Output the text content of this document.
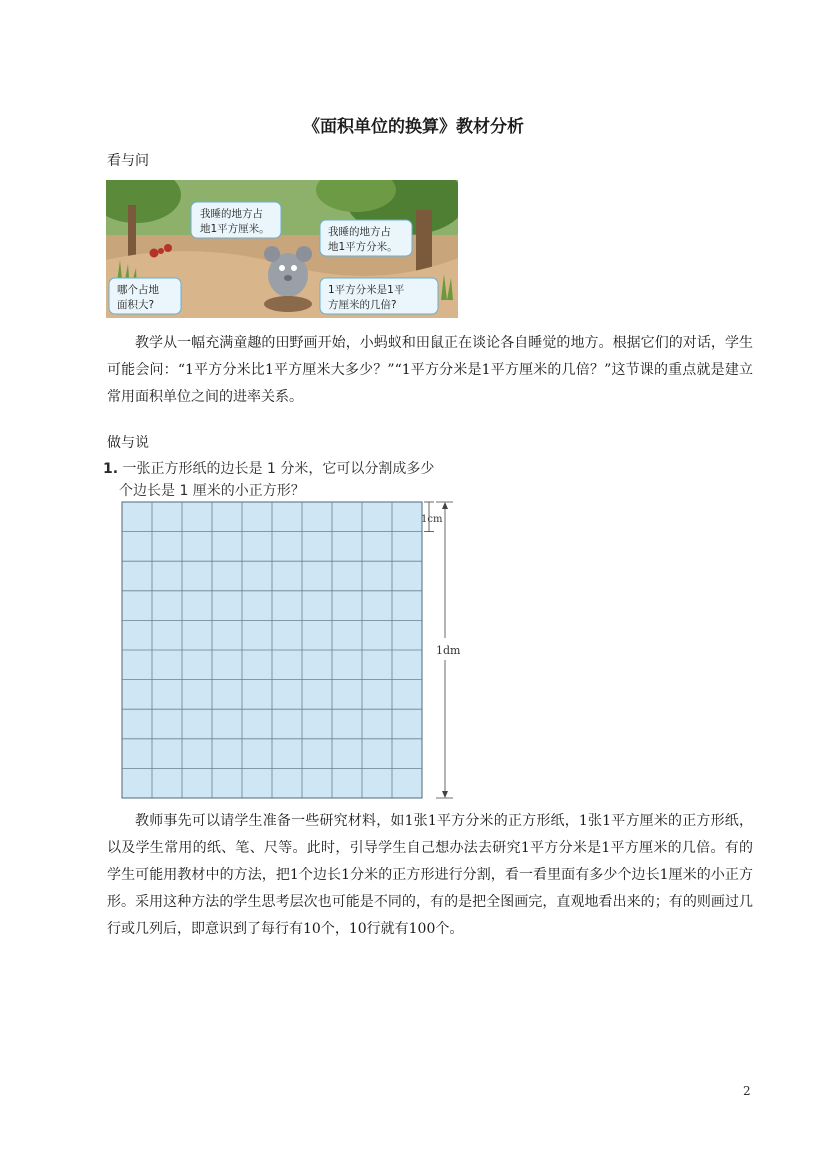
《面积单位的换算》教材分析
看与问
我睡的地方占
地1平方厘米。	我睡的地方占
地1平方分米。
哪个占地
面积大?
1平方分米是1平
方厘米的几倍?
教学从一幅充满童趣的田野画开始，小蚂蚁和田鼠正在谈论各自睡觉的地方。根据它们的对话，学生可能会问：“1平方分米比1平方厘米大多少？”“1平方分米是1平方厘米的几倍？”这节课的重点就是建立常用面积单位之间的进率关系。
做与说
1. 一张正方形纸的边长是 1 分米，它可以分割成多少
个边长是 1 厘米的小正方形？
1cm
1dm
教师事先可以请学生准备一些研究材料，如1张1平方分米的正方形纸，1张1平方厘米的正方形纸，以及学生常用的纸、笔、尺等。此时，引导学生自己想办法去研究1平方分米是1平方厘米的几倍。有的学生可能用教材中的方法，把1个边长1分米的正方形进行分割，看一看里面有多少个边长1厘米的小正方形。采用这种方法的学生思考层次也可能是不同的，有的是把全图画完，直观地看出来的；有的则画过几行或几列后，即意识到了每行有10个，10行就有100个。
2
